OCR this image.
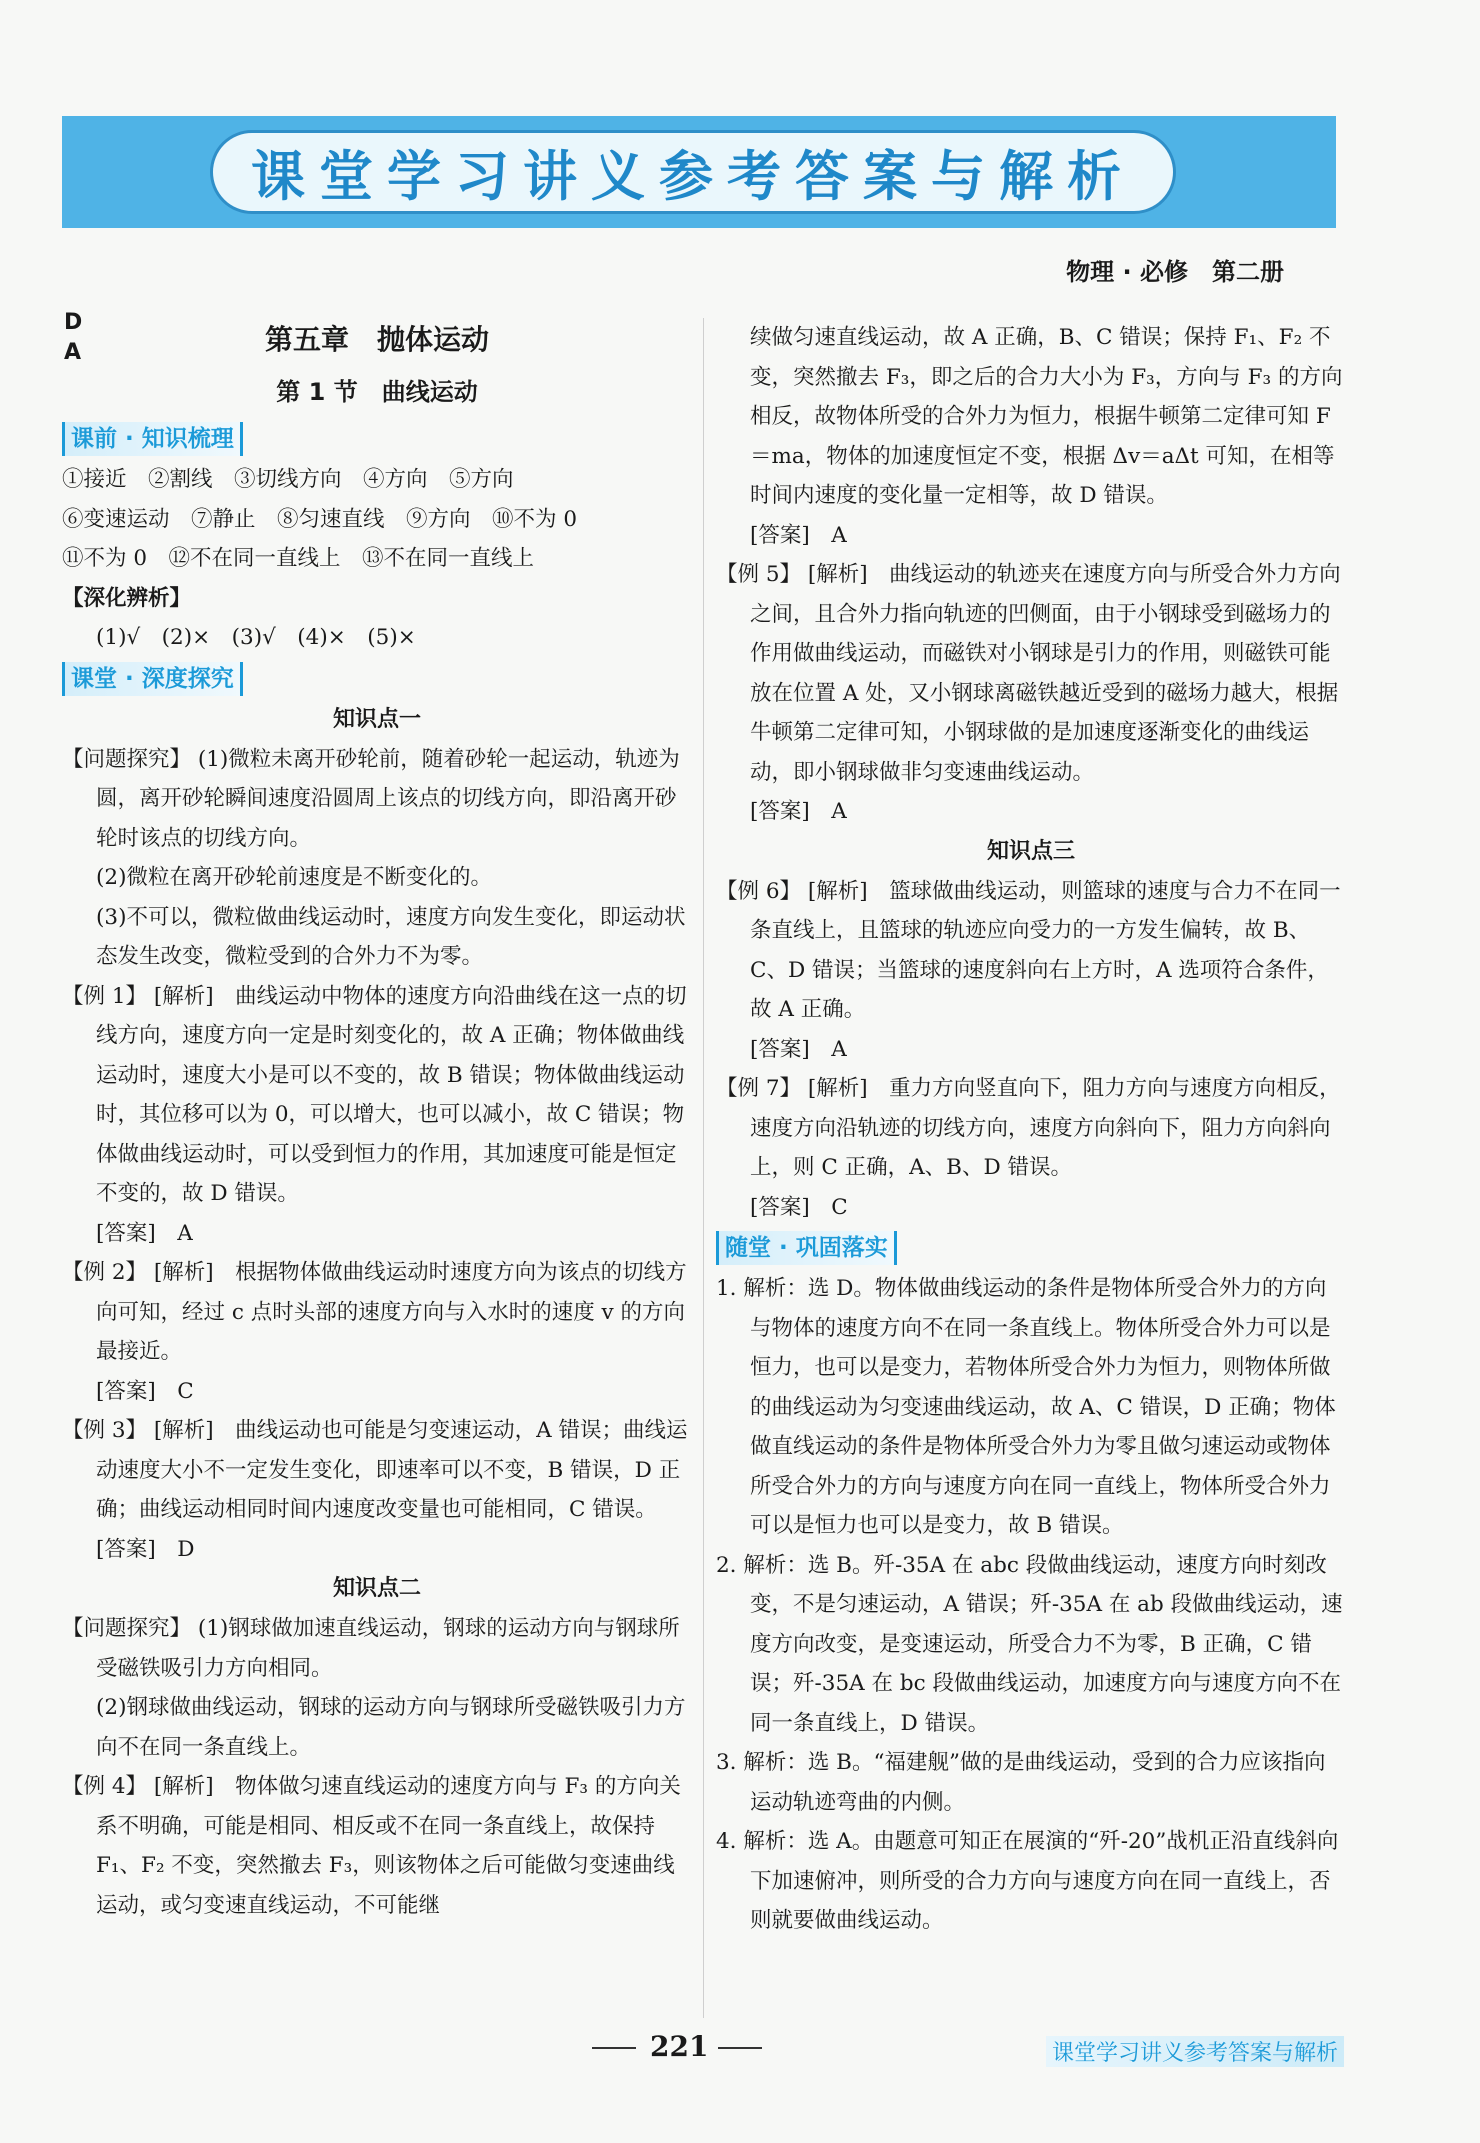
课堂学习讲义参考答案与解析
物理 · 必修　第二册
D
A	第五章　抛体运动
第 1 节　曲线运动
课前 · 知识梳理

①接近　②割线　③切线方向　④方向　⑤方向

⑥变速运动　⑦静止　⑧匀速直线　⑨方向　⑩不为 0

⑪不为 0　⑫不在同一直线上　⑬不在同一直线上

【深化辨析】

(1)√　(2)×　(3)√　(4)×　(5)×

课堂 · 深度探究
知识点一

【问题探究】 (1)微粒未离开砂轮前，随着砂轮一起运动，轨迹为圆，离开砂轮瞬间速度沿圆周上该点的切线方向，即沿离开砂轮时该点的切线方向。

(2)微粒在离开砂轮前速度是不断变化的。

(3)不可以，微粒做曲线运动时，速度方向发生变化，即运动状态发生改变，微粒受到的合外力不为零。

【例 1】 [解析]　曲线运动中物体的速度方向沿曲线在这一点的切线方向，速度方向一定是时刻变化的，故 A 正确；物体做曲线运动时，速度大小是可以不变的，故 B 错误；物体做曲线运动时，其位移可以为 0，可以增大，也可以减小，故 C 错误；物体做曲线运动时，可以受到恒力的作用，其加速度可能是恒定不变的，故 D 错误。

[答案]　A

【例 2】 [解析]　根据物体做曲线运动时速度方向为该点的切线方向可知，经过 c 点时头部的速度方向与入水时的速度 v 的方向最接近。

[答案]　C

【例 3】 [解析]　曲线运动也可能是匀变速运动，A 错误；曲线运动速度大小不一定发生变化，即速率可以不变，B 错误，D 正确；曲线运动相同时间内速度改变量也可能相同，C 错误。

[答案]　D

知识点二

【问题探究】 (1)钢球做加速直线运动，钢球的运动方向与钢球所受磁铁吸引力方向相同。

(2)钢球做曲线运动，钢球的运动方向与钢球所受磁铁吸引力方向不在同一条直线上。

【例 4】 [解析]　物体做匀速直线运动的速度方向与 F₃ 的方向关系不明确，可能是相同、相反或不在同一条直线上，故保持 F₁、F₂ 不变，突然撤去 F₃，则该物体之后可能做匀变速曲线运动，或匀变速直线运动，不可能继

续做匀速直线运动，故 A 正确，B、C 错误；保持 F₁、F₂ 不变，突然撤去 F₃，即之后的合力大小为 F₃，方向与 F₃ 的方向相反，故物体所受的合外力为恒力，根据牛顿第二定律可知 F＝ma，物体的加速度恒定不变，根据 Δv＝aΔt 可知，在相等时间内速度的变化量一定相等，故 D 错误。

[答案]　A

【例 5】 [解析]　曲线运动的轨迹夹在速度方向与所受合外力方向之间，且合外力指向轨迹的凹侧面，由于小钢球受到磁场力的作用做曲线运动，而磁铁对小钢球是引力的作用，则磁铁可能放在位置 A 处，又小钢球离磁铁越近受到的磁场力越大，根据牛顿第二定律可知，小钢球做的是加速度逐渐变化的曲线运动，即小钢球做非匀变速曲线运动。

[答案]　A

知识点三

【例 6】 [解析]　篮球做曲线运动，则篮球的速度与合力不在同一条直线上，且篮球的轨迹应向受力的一方发生偏转，故 B、C、D 错误；当篮球的速度斜向右上方时，A 选项符合条件，故 A 正确。

[答案]　A

【例 7】 [解析]　重力方向竖直向下，阻力方向与速度方向相反，速度方向沿轨迹的切线方向，速度方向斜向下，阻力方向斜向上，则 C 正确，A、B、D 错误。

[答案]　C

随堂 · 巩固落实

1. 解析：选 D。物体做曲线运动的条件是物体所受合外力的方向与物体的速度方向不在同一条直线上。物体所受合外力可以是恒力，也可以是变力，若物体所受合外力为恒力，则物体所做的曲线运动为匀变速曲线运动，故 A、C 错误，D 正确；物体做直线运动的条件是物体所受合外力为零且做匀速运动或物体所受合外力的方向与速度方向在同一直线上，物体所受合外力可以是恒力也可以是变力，故 B 错误。

2. 解析：选 B。歼-35A 在 abc 段做曲线运动，速度方向时刻改变，不是匀速运动，A 错误；歼-35A 在 ab 段做曲线运动，速度方向改变，是变速运动，所受合力不为零，B 正确，C 错误；歼-35A 在 bc 段做曲线运动，加速度方向与速度方向不在同一条直线上，D 错误。

3. 解析：选 B。“福建舰”做的是曲线运动，受到的合力应该指向运动轨迹弯曲的内侧。

4. 解析：选 A。由题意可知正在展演的“歼-20”战机正沿直线斜向下加速俯冲，则所受的合力方向与速度方向在同一直线上，否则就要做曲线运动。

221	课堂学习讲义参考答案与解析
